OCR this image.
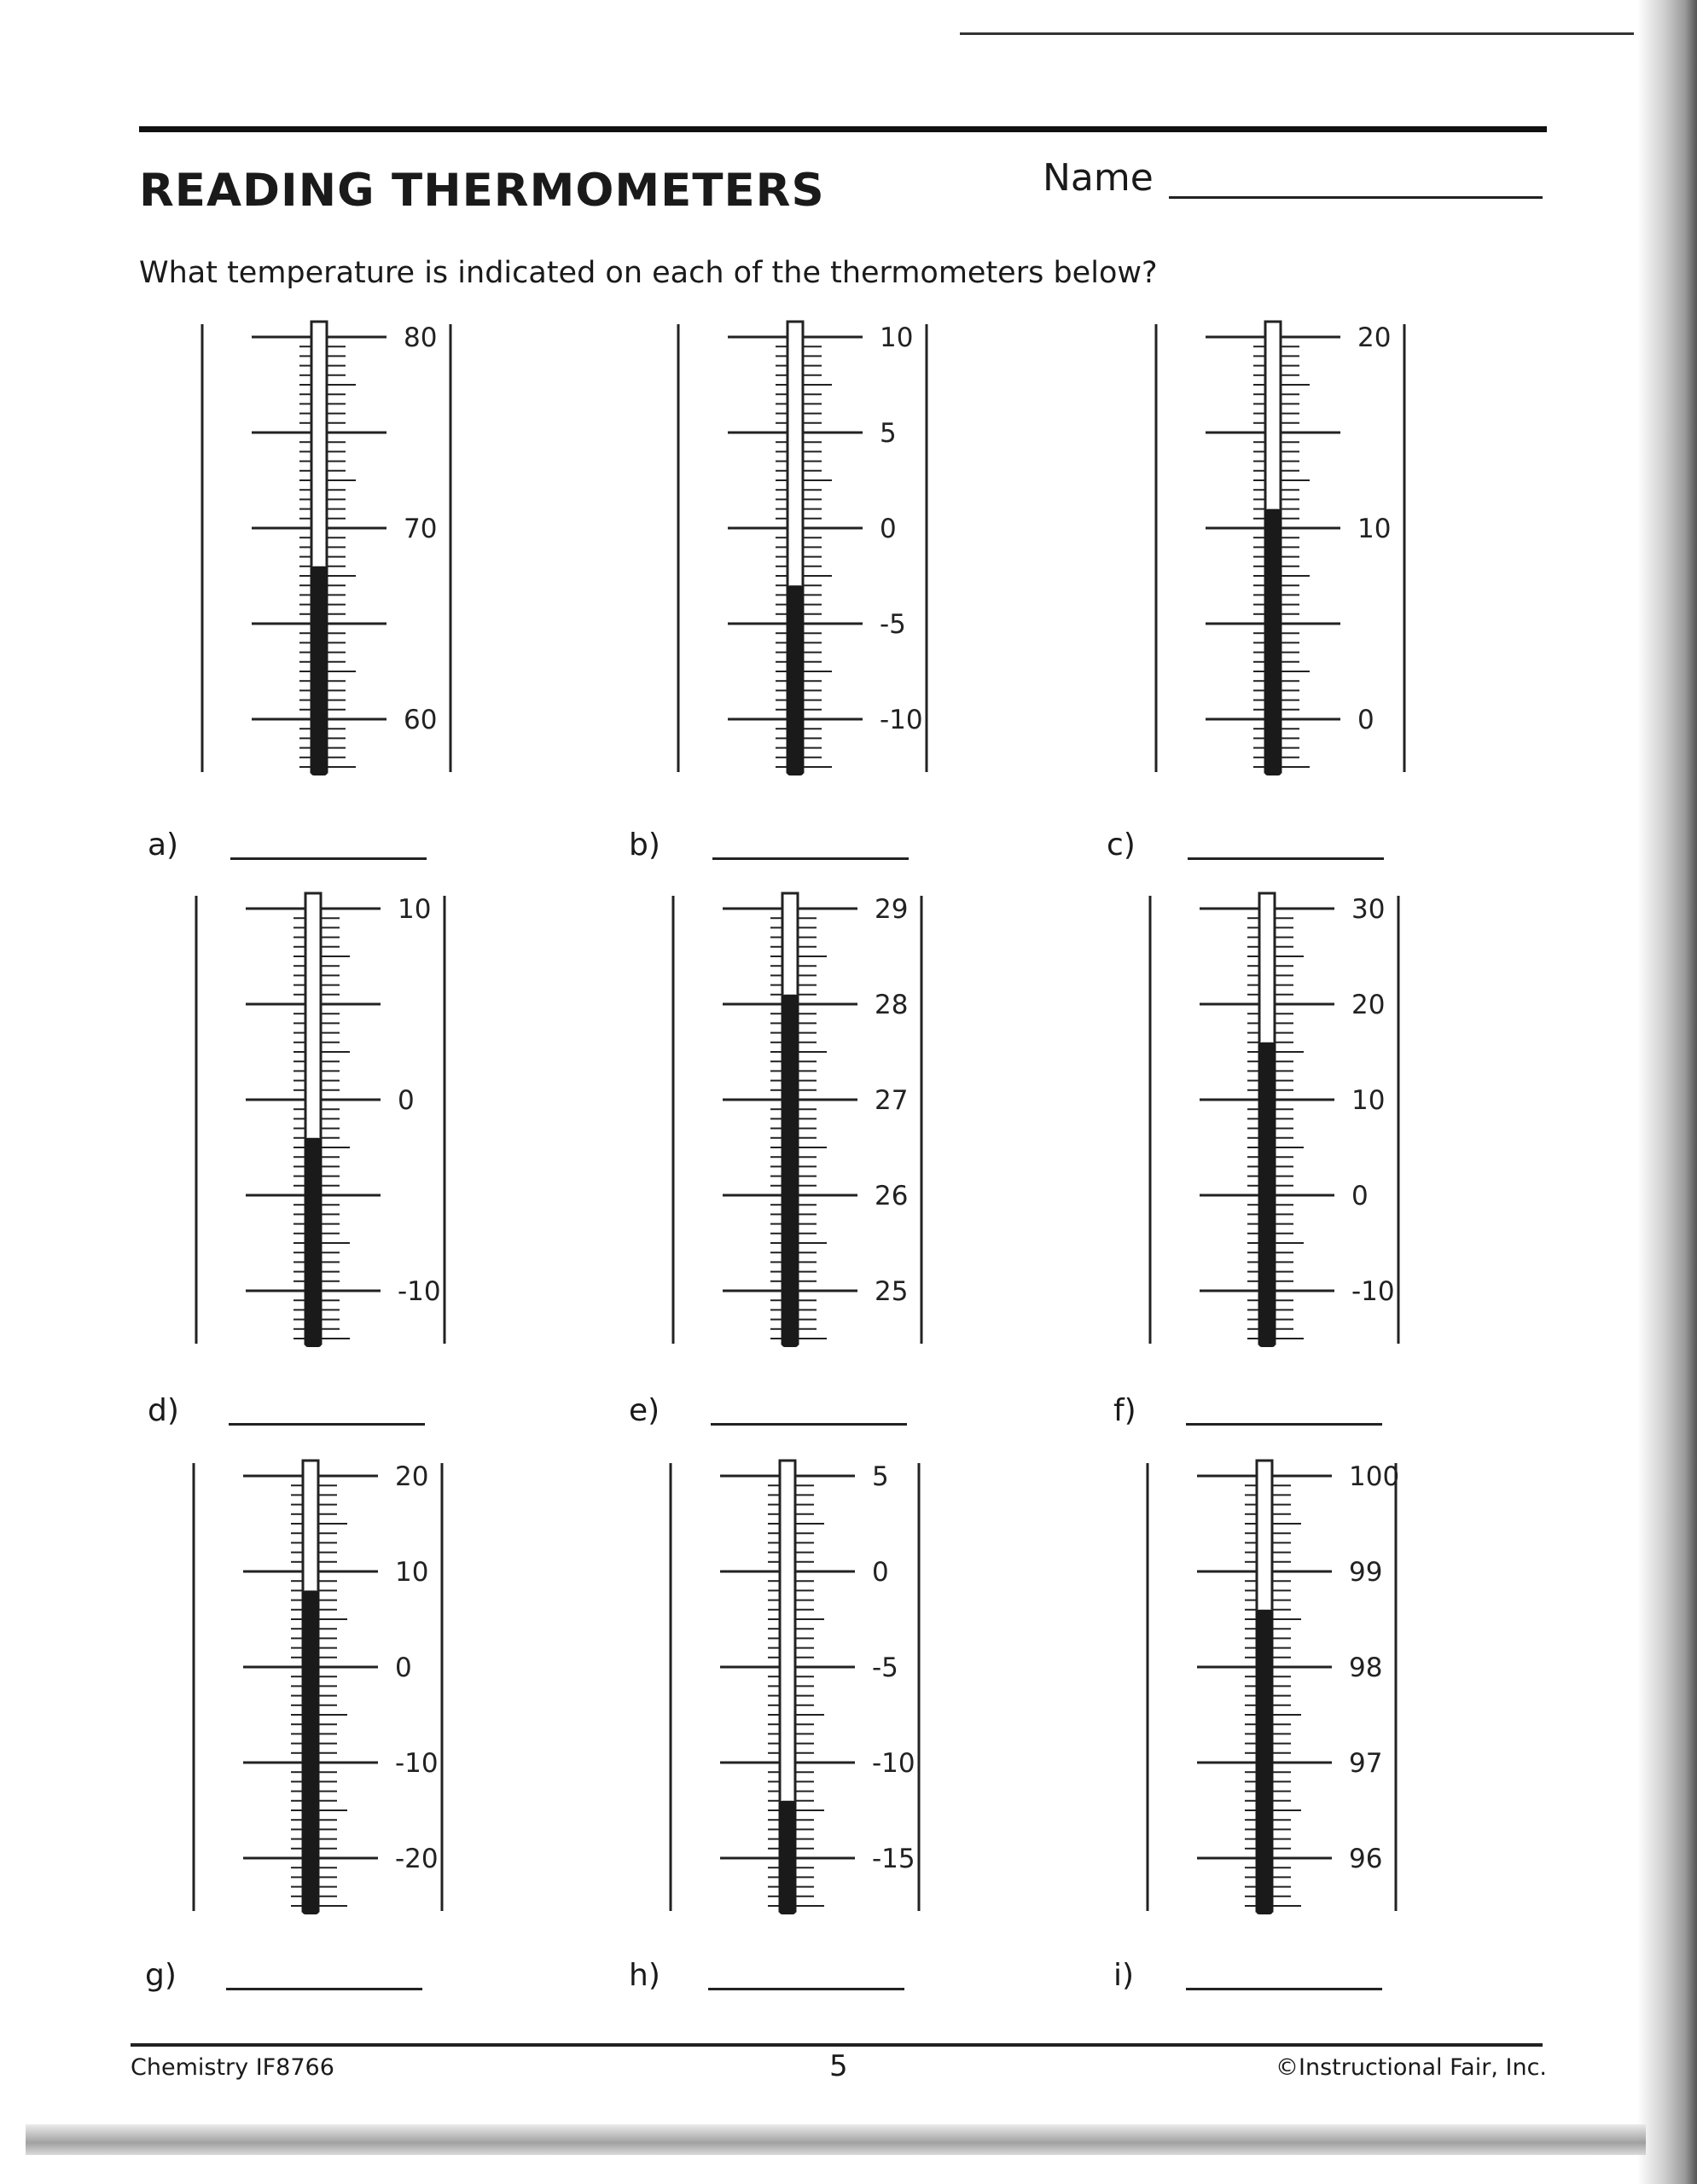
READING THERMOMETERS	Name
What temperature is indicated on each of the thermometers below?
80
70
60
10
5
0
-5
-10
20
10
0
10
0
-10
29
28
27
26
25
30
20
10
0
-10
20
10
0
-10
-20
5
0
-5
-10
-15
100
99
98
97
96
a)	b)	c)
d)	e)	f)
g)	h)	i)
Chemistry IF8766	5	©Instructional Fair, Inc.
